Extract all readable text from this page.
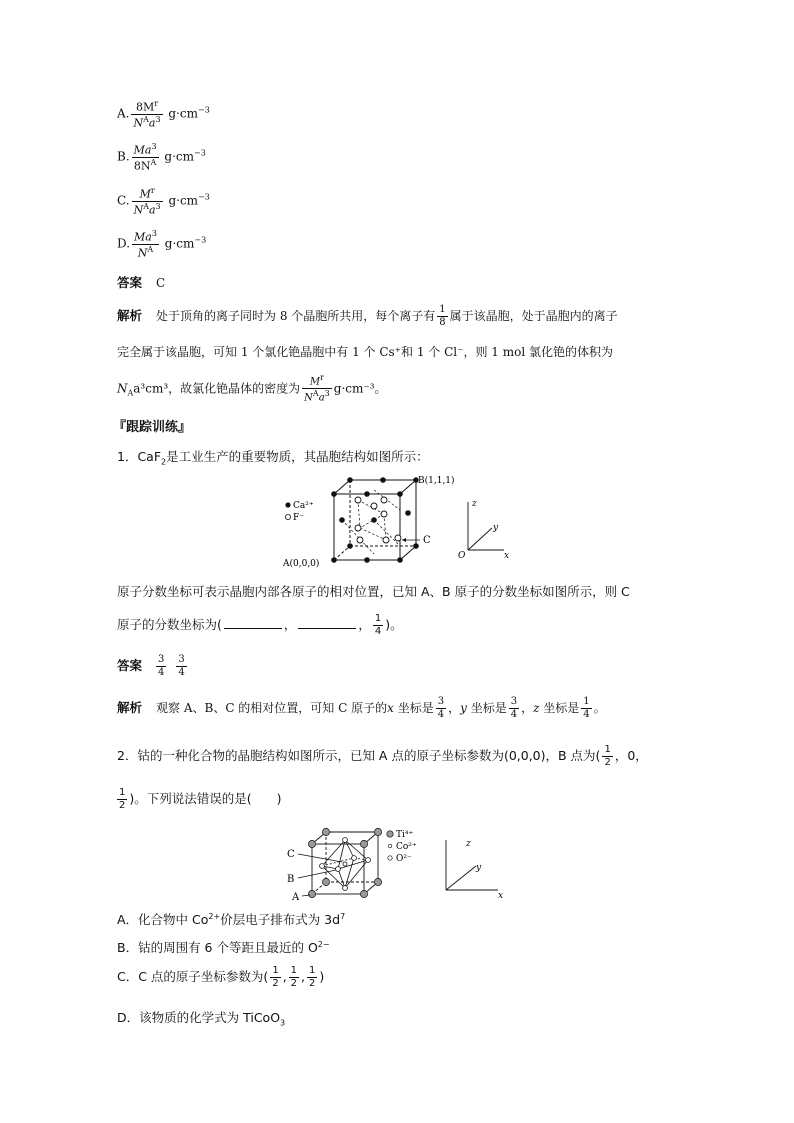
A. $\frac{8M^r}{N^Aa^3} g\cdot cm^{-3}$
B. $\frac{Ma^3}{8N^A} g\cdot cm^{-3}$
C. $\frac{M^r}{N^Aa^3} g\cdot cm^{-3}$
D. $\frac{Ma^3}{N^A} g\cdot cm^{-3}$
答案 C
解析 处于顶角的离子同时为 8 个晶胞所共用，每个离子有 $\frac{1}{8}$ 属于该晶胞，处于晶胞内的离子
完全属于该晶胞，可知 1 个氯化铯晶胞中有 1 个 Cs⁺和 1 个 Cl⁻，则 1 mol 氯化铯的体积为
$N_Aa^3cm^3$，故氯化铯晶体的密度为 $\frac{M^r}{N^Aa^3} g\cdot cm^{-3}$。
『跟踪训练』
1．CaF$_2$是工业生产的重要物质，其晶胞结构如图所示：
Ca²⁺
F⁻
C
B(1,1,1)
A(0,0,0)
z
y
x
O
原子分数坐标可表示晶胞内部各原子的相对位置，已知 A、B 原子的分数坐标如图所示，则 C
原子的分数坐标为(	，	， $\frac{1}{4}$ )。
答案 $\frac{3}{4} \frac{3}{4}$
解析 观察 A、B、C 的相对位置，可知 C 原子的x 坐标是 $\frac{3}{4}$ ，y 坐标是 $\frac{3}{4}$ ，z 坐标是 $\frac{1}{4}$ 。
2．钴的一种化合物的晶胞结构如图所示，已知 A 点的原子坐标参数为(0,0,0)，B 点为( $\frac{1}{2}$ ，0，
$\frac{1}{2}$ )。下列说法错误的是(　　)
C
B
A
Ti⁴⁺
Co²⁺
O²⁻
z
y
x
A．化合物中 $Co^{2+}$价层电子排布式为 $3d^7$
B．钴的周围有 6 个等距且最近的 $O^{2-}$
C．C 点的原子坐标参数为( $\frac{1}{2}$ , $\frac{1}{2}$ , $\frac{1}{2}$ )
D．该物质的化学式为 TiCoO$_3$
